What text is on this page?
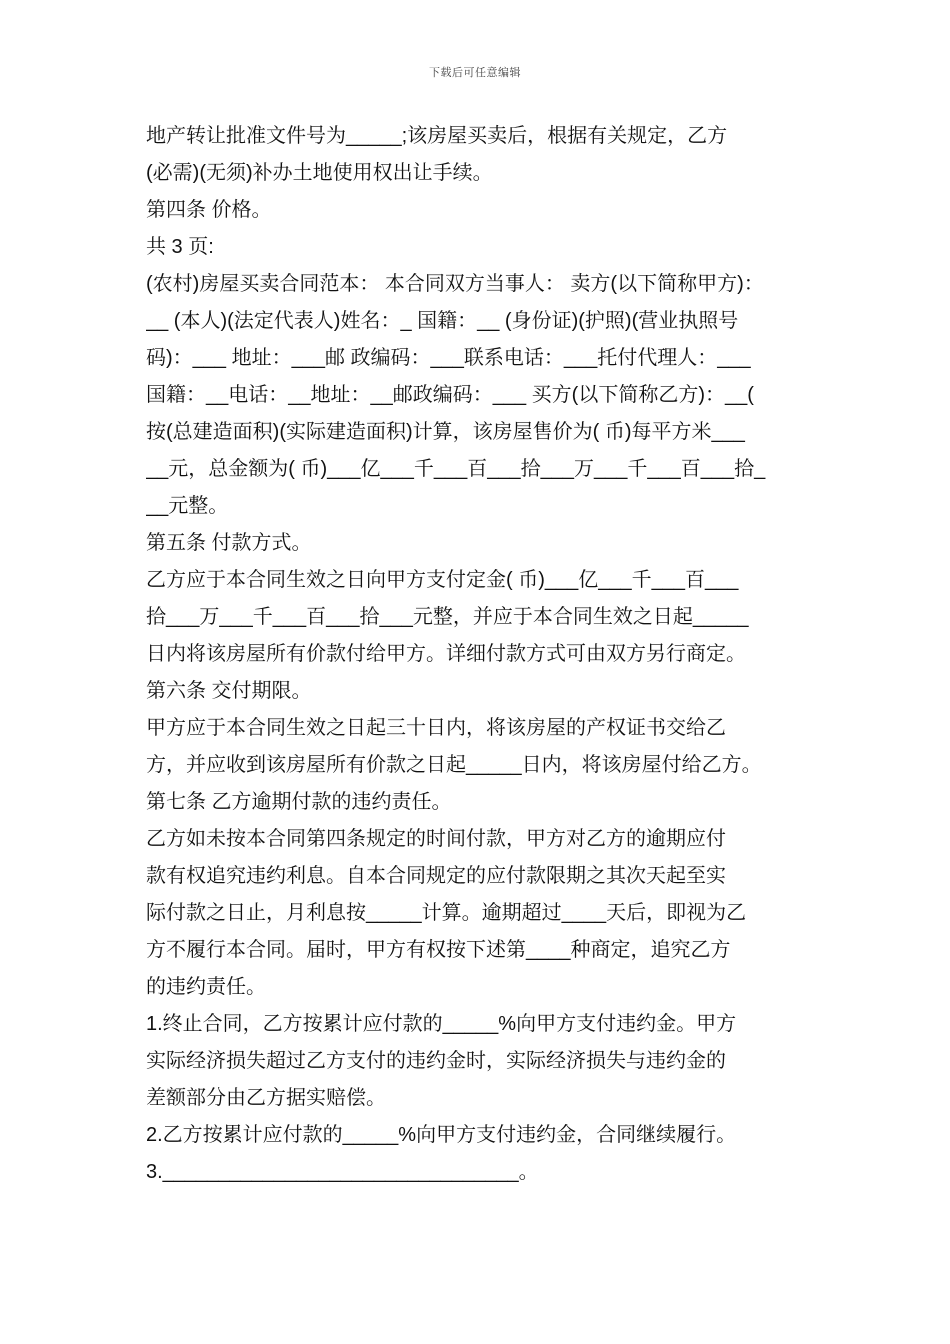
下载后可任意编辑
地产转让批准文件号为_____;该房屋买卖后，根据有关规定，乙方
(必需)(无须)补办土地使用权出让手续。
第四条 价格。
共 3 页:
(农村)房屋买卖合同范本： 本合同双方当事人： 卖方(以下简称甲方)：
__ (本人)(法定代表人)姓名：_ 国籍：__ (身份证)(护照)(营业执照号
码)：___ 地址：___邮 政编码：___联系电话：___托付代理人：___
国籍：__电话：__地址：__邮政编码：___ 买方(以下简称乙方)：__(
按(总建造面积)(实际建造面积)计算，该房屋售价为( 币)每平方米___
__元，总金额为( 币)___亿___千___百___拾___万___千___百___拾_
__元整。
第五条 付款方式。
乙方应于本合同生效之日向甲方支付定金( 币)___亿___千___百___
拾___万___千___百___拾___元整，并应于本合同生效之日起_____
日内将该房屋所有价款付给甲方。详细付款方式可由双方另行商定。
第六条 交付期限。
甲方应于本合同生效之日起三十日内，将该房屋的产权证书交给乙
方，并应收到该房屋所有价款之日起_____日内，将该房屋付给乙方。
第七条 乙方逾期付款的违约责任。
乙方如未按本合同第四条规定的时间付款，甲方对乙方的逾期应付
款有权追究违约利息。自本合同规定的应付款限期之其次天起至实
际付款之日止，月利息按_____计算。逾期超过____天后，即视为乙
方不履行本合同。届时，甲方有权按下述第____种商定，追究乙方
的违约责任。
1.终止合同，乙方按累计应付款的_____%向甲方支付违约金。甲方
实际经济损失超过乙方支付的违约金时，实际经济损失与违约金的
差额部分由乙方据实赔偿。
2.乙方按累计应付款的_____%向甲方支付违约金，合同继续履行。
3.________________________________。
